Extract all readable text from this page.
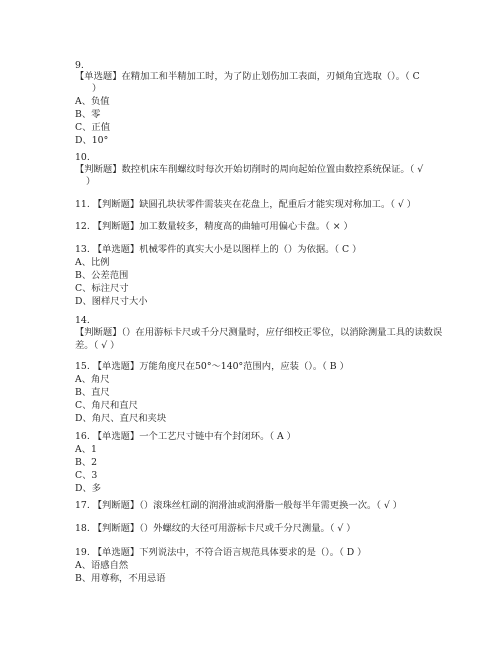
9.
【单选题】在精加工和半精加工时，为了防止划伤加工表面，刃倾角宜选取（）。（ C
）
A、负值
B、零
C、正值
D、10°
10.
【判断题】数控机床车削螺纹时每次开始切削时的周向起始位置由数控系统保证。（ √
）
11. 【判断题】缺圆孔块状零件需装夹在花盘上，配重后才能实现对称加工。（ √ ）
12. 【判断题】加工数量较多，精度高的曲轴可用偏心卡盘。（ × ）
13. 【单选题】机械零件的真实大小是以图样上的（）为依据。（ C ）
A、比例
B、公差范围
C、标注尺寸
D、图样尺寸大小
14.
【判断题】（）在用游标卡尺或千分尺测量时，应仔细校正零位，以消除测量工具的读数误
差。（ √ ）
15. 【单选题】万能角度尺在50°～140°范围内，应装（）。（ B ）
A、角尺
B、直尺
C、角尺和直尺
D、角尺、直尺和夹块
16. 【单选题】一个工艺尺寸链中有个封闭环。（ A ）
A、1
B、2
C、3
D、多
17. 【判断题】（）滚珠丝杠副的润滑油或润滑脂一般每半年需更换一次。（ √ ）
18. 【判断题】（）外螺纹的大径可用游标卡尺或千分尺测量。（ √ ）
19. 【单选题】下列说法中，不符合语言规范具体要求的是（）。（ D ）
A、语感自然
B、用尊称，不用忌语
